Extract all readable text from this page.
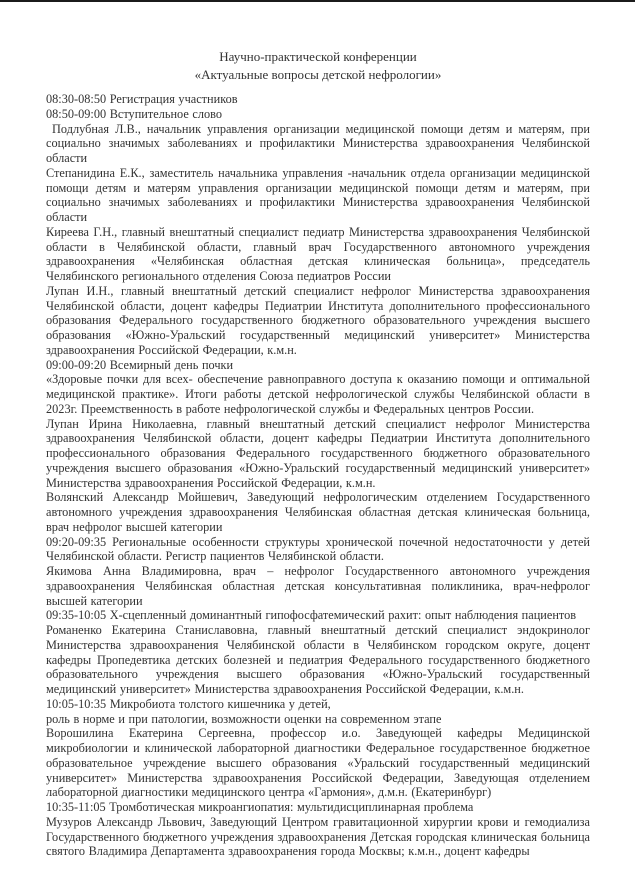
Научно-практической конференции
«Актуальные вопросы детской нефрологии»

08:30-08:50 Регистрация участников

08:50-09:00 Вступительное слово

Подлубная Л.В., начальник управления организации медицинской помощи детям и матерям, при социально значимых заболеваниях и профилактики Министерства здравоохранения Челябинской области

Степанидина Е.К., заместитель начальника управления -начальник отдела организации медицинской помощи детям и матерям управления организации медицинской помощи детям и матерям, при социально значимых заболеваниях и профилактики Министерства здравоохранения Челябинской области

Киреева Г.Н., главный внештатный специалист педиатр Министерства здравоохранения Челябинской области в Челябинской области, главный врач Государственного автономного учреждения здравоохранения «Челябинская областная детская клиническая больница», председатель Челябинского регионального отделения Союза педиатров России

Лупан И.Н., главный внештатный детский специалист нефролог Министерства здравоохранения Челябинской области, доцент кафедры Педиатрии Института дополнительного профессионального образования Федерального государственного бюджетного образовательного учреждения высшего образования «Южно-Уральский государственный медицинский университет» Министерства здравоохранения Российской Федерации, к.м.н.

09:00-09:20 Всемирный день почки

«Здоровые почки для всех- обеспечение равноправного доступа к оказанию помощи и оптимальной медицинской практике». Итоги работы детской нефрологической службы Челябинской области в 2023г. Преемственность в работе нефрологической службы и Федеральных центров России.

Лупан Ирина Николаевна, главный внештатный детский специалист нефролог Министерства здравоохранения Челябинской области, доцент кафедры Педиатрии Института дополнительного профессионального образования Федерального государственного бюджетного образовательного учреждения высшего образования «Южно-Уральский государственный медицинский университет» Министерства здравоохранения Российской Федерации, к.м.н.

Волянский Александр Мойшевич, Заведующий нефрологическим отделением Государственного автономного учреждения здравоохранения Челябинская областная детская клиническая больница, врач нефролог высшей категории

09:20-09:35 Региональные особенности структуры хронической почечной недостаточности у детей Челябинской области. Регистр пациентов Челябинской области.

Якимова Анна Владимировна, врач – нефролог Государственного автономного учреждения здравоохранения Челябинская областная детская консультативная поликлиника, врач-нефролог высшей категории

09:35-10:05 Х-сцепленный доминантный гипофосфатемический рахит: опыт наблюдения пациентов

Романенко Екатерина Станиславовна, главный внештатный детский специалист эндокринолог Министерства здравоохранения Челябинской области в Челябинском городском округе, доцент кафедры Пропедевтика детских болезней и педиатрия Федерального государственного бюджетного образовательного учреждения высшего образования «Южно-Уральский государственный медицинский университет» Министерства здравоохранения Российской Федерации, к.м.н.

10:05-10:35 Микробиота толстого кишечника у детей,

роль в норме и при патологии, возможности оценки на современном этапе

Ворошилина Екатерина Сергеевна, профессор и.о. Заведующей кафедры Медицинской микробиологии и клинической лабораторной диагностики Федеральное государственное бюджетное образовательное учреждение высшего образования «Уральский государственный медицинский университет» Министерства здравоохранения Российской Федерации, Заведующая отделением лабораторной диагностики медицинского центра «Гармония», д.м.н. (Екатеринбург)

10:35-11:05 Тромботическая микроангиопатия: мультидисциплинарная проблема

Музуров Александр Львович, Заведующий Центром гравитационной хирургии крови и гемодиализа Государственного бюджетного учреждения здравоохранения Детская городская клиническая больница святого Владимира Департамента здравоохранения города Москвы; к.м.н., доцент кафедры
